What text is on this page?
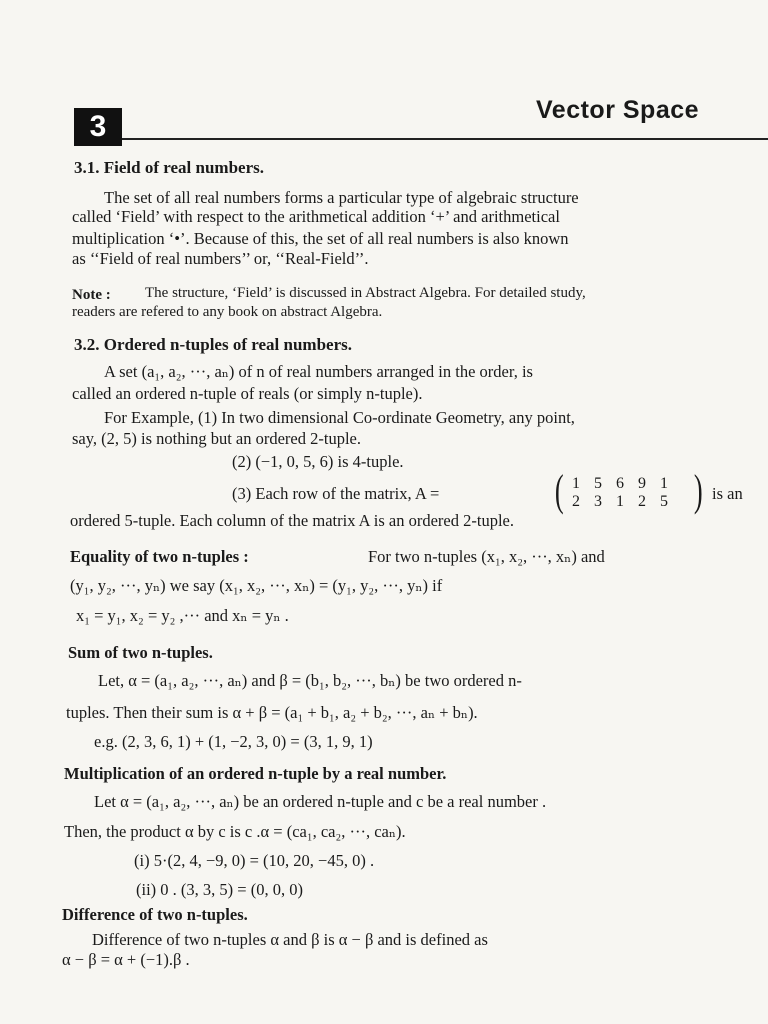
3	Vector Space
3.1. Field of real numbers.
The set of all real numbers forms a particular type of algebraic structure
called ‘Field’ with respect to the arithmetical addition ‘+’ and arithmetical
multiplication ‘•’. Because of this, the set of all real numbers is also known
as ‘‘Field of real numbers’’ or, ‘‘Real-Field’’.
Note : The structure, ‘Field’ is discussed in Abstract Algebra. For detailed study,
readers are refered to any book on abstract Algebra.
3.2. Ordered n-tuples of real numbers.
A set (a₁, a₂, ···, aₙ) of n of real numbers arranged in the order, is
called an ordered n-tuple of reals (or simply n-tuple).
For Example, (1) In two dimensional Co-ordinate Geometry, any point,
say, (2, 5) is nothing but an ordered 2-tuple.
(2) (−1, 0, 5, 6) is 4-tuple.
(3) Each row of the matrix, A =	( 1 5 6 9 1
2 3 1 2 5 ) is an
ordered 5-tuple. Each column of the matrix A is an ordered 2-tuple.
Equality of two n-tuples :	For two n-tuples (x₁, x₂, ···, xₙ) and
(y₁, y₂, ···, yₙ) we say (x₁, x₂, ···, xₙ) = (y₁, y₂, ···, yₙ) if
x₁ = y₁, x₂ = y₂ ,··· and xₙ = yₙ .
Sum of two n-tuples.
Let, α = (a₁, a₂, ···, aₙ) and β = (b₁, b₂, ···, bₙ) be two ordered n-
tuples. Then their sum is α + β = (a₁ + b₁, a₂ + b₂, ···, aₙ + bₙ).
e.g. (2, 3, 6, 1) + (1, −2, 3, 0) = (3, 1, 9, 1)
Multiplication of an ordered n-tuple by a real number.
Let α = (a₁, a₂, ···, aₙ) be an ordered n-tuple and c be a real number .
Then, the product α by c is c .α = (ca₁, ca₂, ···, caₙ).
(i) 5·(2, 4, −9, 0) = (10, 20, −45, 0) .
(ii) 0 . (3, 3, 5) = (0, 0, 0)
Difference of two n-tuples.
Difference of two n-tuples α and β is α − β and is defined as
α − β = α + (−1).β .
